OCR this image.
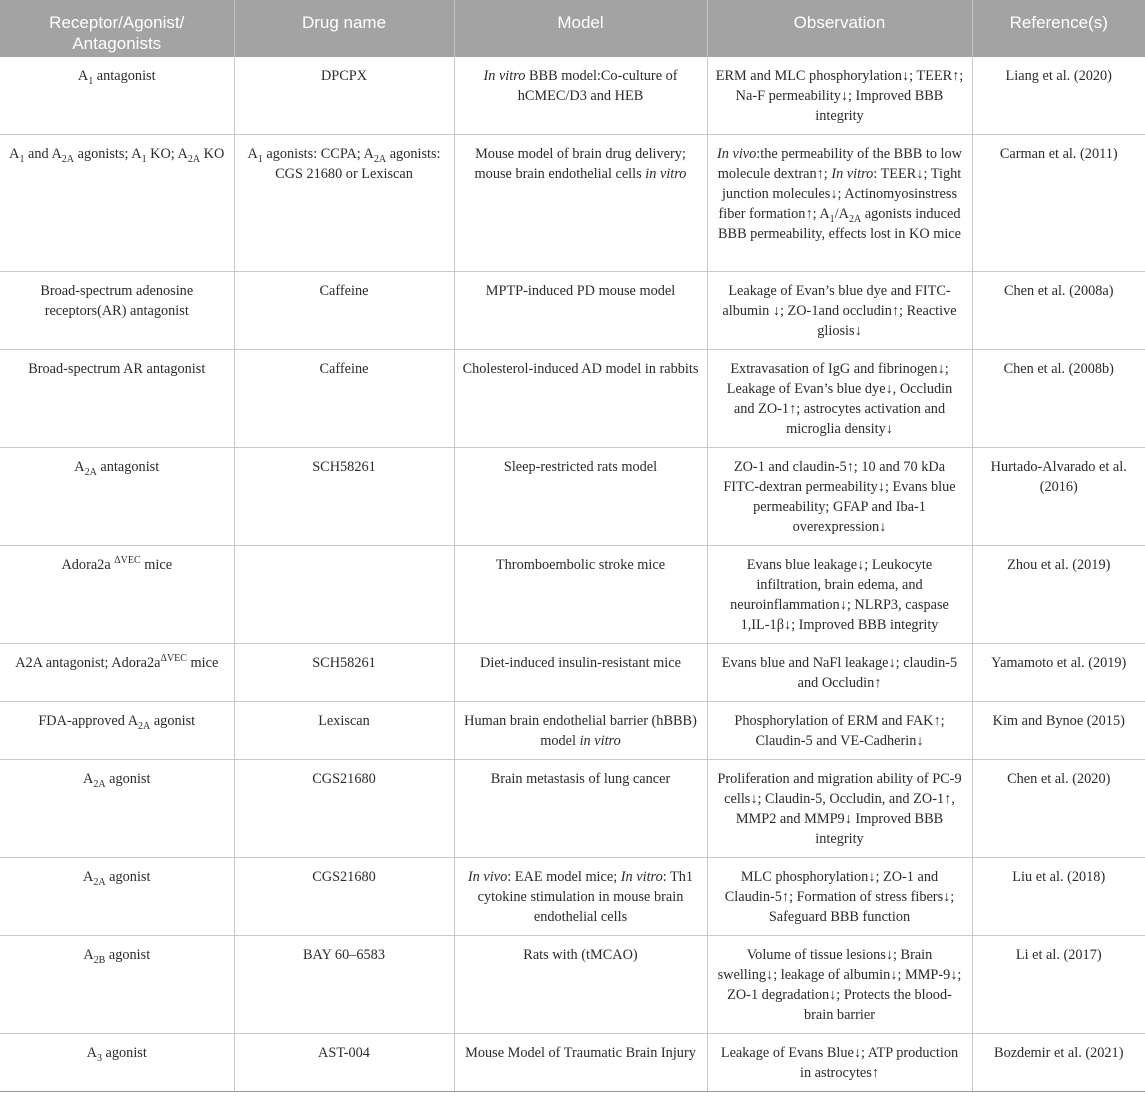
Receptor/Agonist/
Antagonists	Drug name	Model	Observation	Reference(s)
$A_1$ antagonist	DPCPX	In vitro BBB model:Co-culture of hCMEC/D3 and HEB	ERM and MLC phosphorylation↓; TEER↑; Na-F permeability↓; Improved BBB integrity	Liang et al. (2020)
$A_1$ and $A_{2A}$ agonists; $A_1$ KO; $A_{2A}$ KO	$A_1$ agonists: CCPA; $A_{2A}$ agonists: CGS 21680 or Lexiscan	Mouse model of brain drug delivery; mouse brain endothelial cells in vitro	In vivo:the permeability of the BBB to low molecule dextran↑; In vitro: TEER↓; Tight junction molecules↓; Actinomyosinstress fiber formation↑; $A_1/A_{2A}$ agonists induced BBB permeability, effects lost in KO mice	Carman et al. (2011)
Broad-spectrum adenosine receptors(AR) antagonist	Caffeine	MPTP-induced PD mouse model	Leakage of Evan’s blue dye and FITC-albumin ↓; ZO-1and occludin↑; Reactive gliosis↓	Chen et al. (2008a)
Broad-spectrum AR antagonist	Caffeine	Cholesterol-induced AD model in rabbits	Extravasation of IgG and fibrinogen↓; Leakage of Evan’s blue dye↓, Occludin and ZO-1↑; astrocytes activation and microglia density↓	Chen et al. (2008b)
$A_{2A}$ antagonist	SCH58261	Sleep-restricted rats model	ZO-1 and claudin-5↑; 10 and 70 kDa FITC-dextran permeability↓; Evans blue permeability; GFAP and Iba-1 overexpression↓	Hurtado-Alvarado et al. (2016)
Adora2a $^{\Delta VEC}$ mice		Thromboembolic stroke mice	Evans blue leakage↓; Leukocyte infiltration, brain edema, and neuroinflammation↓; NLRP3, caspase 1,IL-1β↓; Improved BBB integrity	Zhou et al. (2019)
A2A antagonist; $Adora2a^{\Delta VEC}$ mice	SCH58261	Diet-induced insulin-resistant mice	Evans blue and NaFl leakage↓; claudin-5 and Occludin↑	Yamamoto et al. (2019)
FDA-approved $A_{2A}$ agonist	Lexiscan	Human brain endothelial barrier (hBBB) model in vitro	Phosphorylation of ERM and FAK↑; Claudin-5 and VE-Cadherin↓	Kim and Bynoe (2015)
$A_{2A}$ agonist	CGS21680	Brain metastasis of lung cancer	Proliferation and migration ability of PC-9 cells↓; Claudin-5, Occludin, and ZO-1↑, MMP2 and MMP9↓ Improved BBB integrity	Chen et al. (2020)
$A_{2A}$ agonist	CGS21680	In vivo: EAE model mice; In vitro: Th1 cytokine stimulation in mouse brain endothelial cells	MLC phosphorylation↓; ZO-1 and Claudin-5↑; Formation of stress fibers↓; Safeguard BBB function	Liu et al. (2018)
$A_{2B}$ agonist	BAY 60–6583	Rats with (tMCAO)	Volume of tissue lesions↓; Brain swelling↓; leakage of albumin↓; MMP-9↓; ZO-1 degradation↓; Protects the blood-brain barrier	Li et al. (2017)
$A_3$ agonist	AST-004	Mouse Model of Traumatic Brain Injury	Leakage of Evans Blue↓; ATP production in astrocytes↑	Bozdemir et al. (2021)
